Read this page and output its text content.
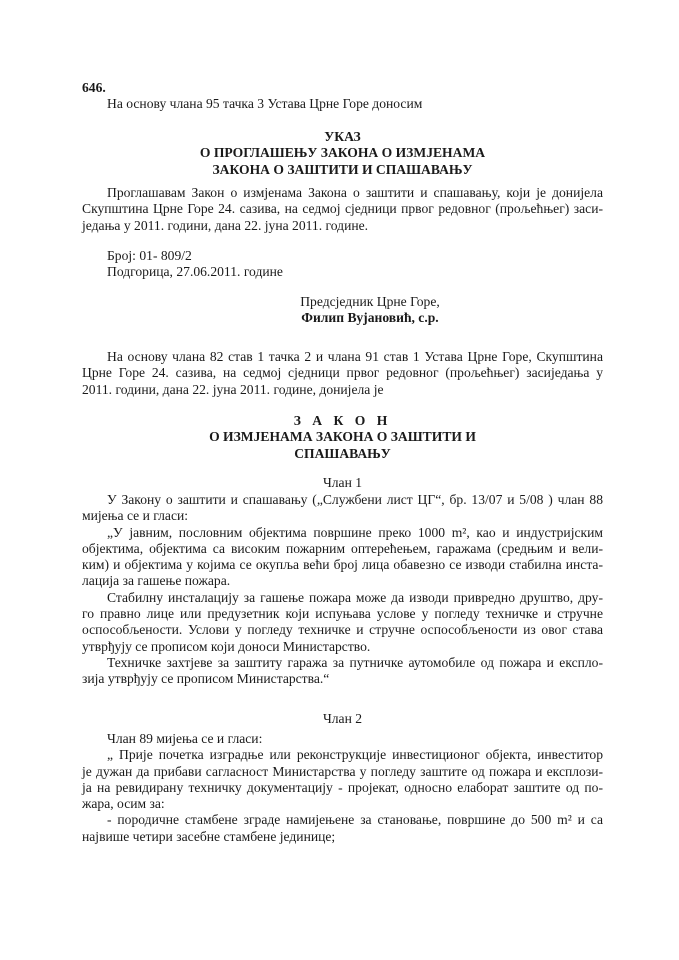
646.
На основу члана 95 тачка 3 Устава Црне Горе доносим
УКАЗ
О ПРОГЛАШЕЊУ ЗАКОНА О ИЗМЈЕНАМА
ЗАКОНА О ЗАШТИТИ И СПАШАВАЊУ
Проглашавам Закон о измјенама Закона о заштити и спашавању, који је донијела
Скупштина Црне Горе 24. сазива, на седмој сједници првог редовног (прољећњег) заси-
једања у 2011. години, дана 22. јуна 2011. године.
Број: 01- 809/2
Подгорица, 27.06.2011. године
Предсједник Црне Горе,
Филип Вујановић, с.р.
На основу члана 82 став 1 тачка 2 и члана 91 став 1 Устава Црне Горе, Скупштина
Црне Горе 24. сазива, на седмој сједници првог редовног (прољећњег) засиједања у
2011. години, дана 22. јуна 2011. године, донијела је
З А К О Н
О ИЗМЈЕНАМА ЗАКОНА О ЗАШТИТИ И
СПАШАВАЊУ
Члан 1
У Закону о заштити и спашавању („Службени лист ЦГ“, бр. 13/07 и 5/08 ) члан 88
мијења се и гласи:
„У јавним, пословним објектима површине преко 1000 m², као и индустријским
објектима, објектима са високим пожарним оптерећењем, гаражама (средњим и вели-
ким) и објектима у којима се окупља већи број лица обавезно се изводи стабилна инста-
лација за гашење пожара.
Стабилну инсталацију за гашење пожара може да изводи привредно друштво, дру-
го правно лице или предузетник који испуњава услове у погледу техничке и стручне
оспособљености. Услови у погледу техничке и стручне оспособљености из овог става
утврђују се прописом који доноси Министарство.
Техничке захтјеве за заштиту гаража за путничке аутомобиле од пожара и експло-
зија утврђују се прописом Министарства.“
Члан 2
Члан 89 мијења се и гласи:
„ Прије почетка изградње или реконструкције инвестиционог објекта, инвеститор
је дужан да прибави сагласност Министарства у погледу заштите од пожара и експлози-
ја на ревидирану техничку документацију - пројекат, односно елаборат заштите од по-
жара, осим за:
- породичне стамбене зграде намијењене за становање, површине до 500 m² и са
највише четири засебне стамбене јединице;
